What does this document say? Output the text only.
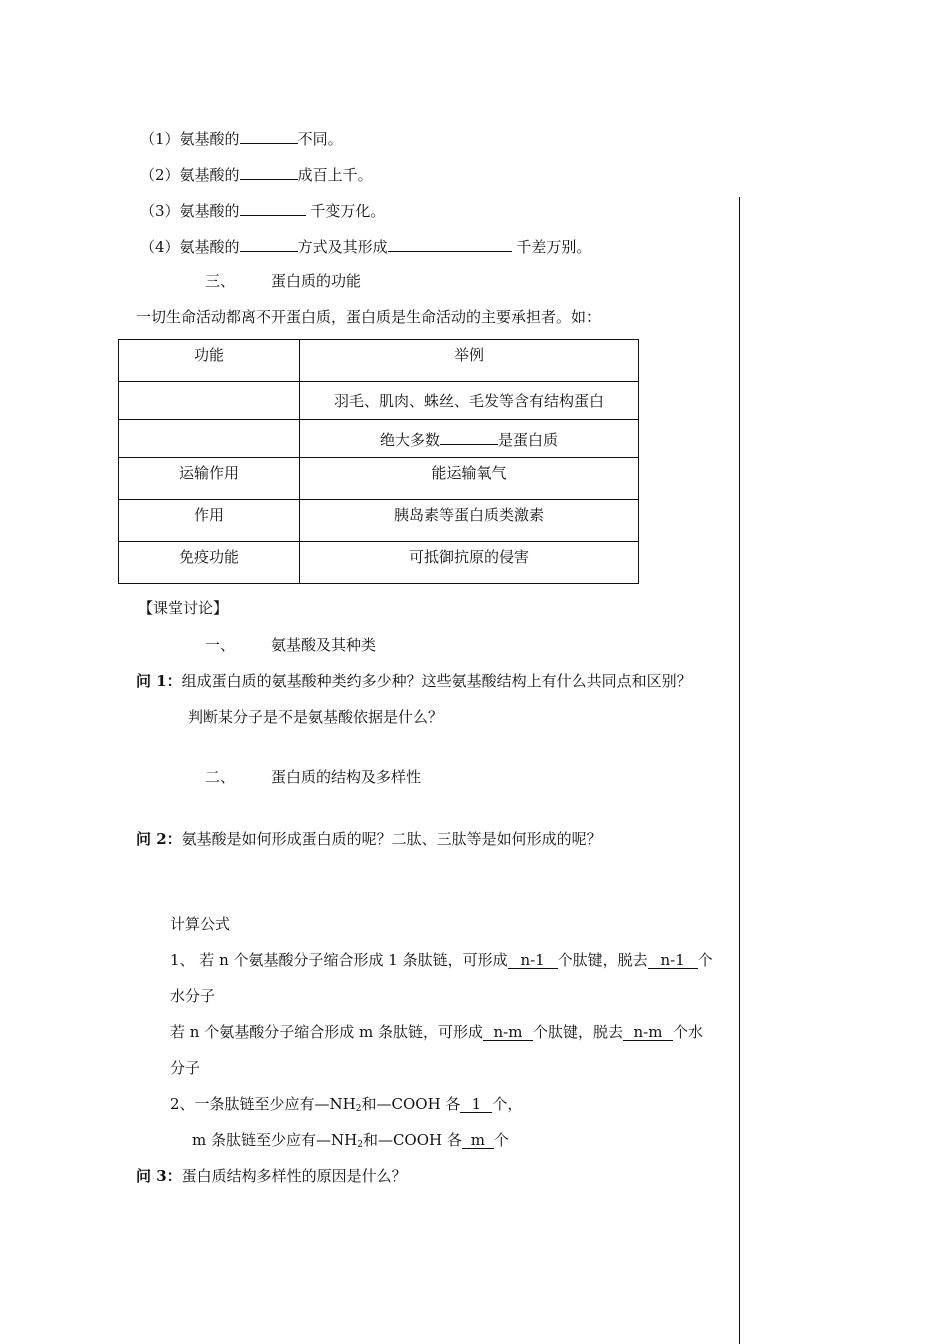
（1）氨基酸的	不同。
（2）氨基酸的	成百上千。
（3）氨基酸的	千变万化。
（4）氨基酸的	方式及其形成	千差万别。
三、 蛋白质的功能
一切生命活动都离不开蛋白质，蛋白质是生命活动的主要承担者。如：
功能	举例
	羽毛、肌肉、蛛丝、毛发等含有结构蛋白
	绝大多数 是蛋白质
运输作用	能运输氧气
作用	胰岛素等蛋白质类激素
免疫功能	可抵御抗原的侵害
【课堂讨论】
一、 氨基酸及其种类
问 1：组成蛋白质的氨基酸种类约多少种？这些氨基酸结构上有什么共同点和区别？
判断某分子是不是氨基酸依据是什么？
二、 蛋白质的结构及多样性
问 2：氨基酸是如何形成蛋白质的呢？二肽、三肽等是如何形成的呢？
计算公式
1、 若 n 个氨基酸分子缩合形成 1 条肽链，可形成 n-1 个肽键，脱去 n-1 个
水分子
若 n 个氨基酸分子缩合形成 m 条肽链，可形成 n-m 个肽键，脱去 n-m 个水
分子
2、一条肽链至少应有$—NH_2$和—COOH 各 1 个，
m 条肽链至少应有$—NH_2$和—COOH 各 m 个
问 3：蛋白质结构多样性的原因是什么？
